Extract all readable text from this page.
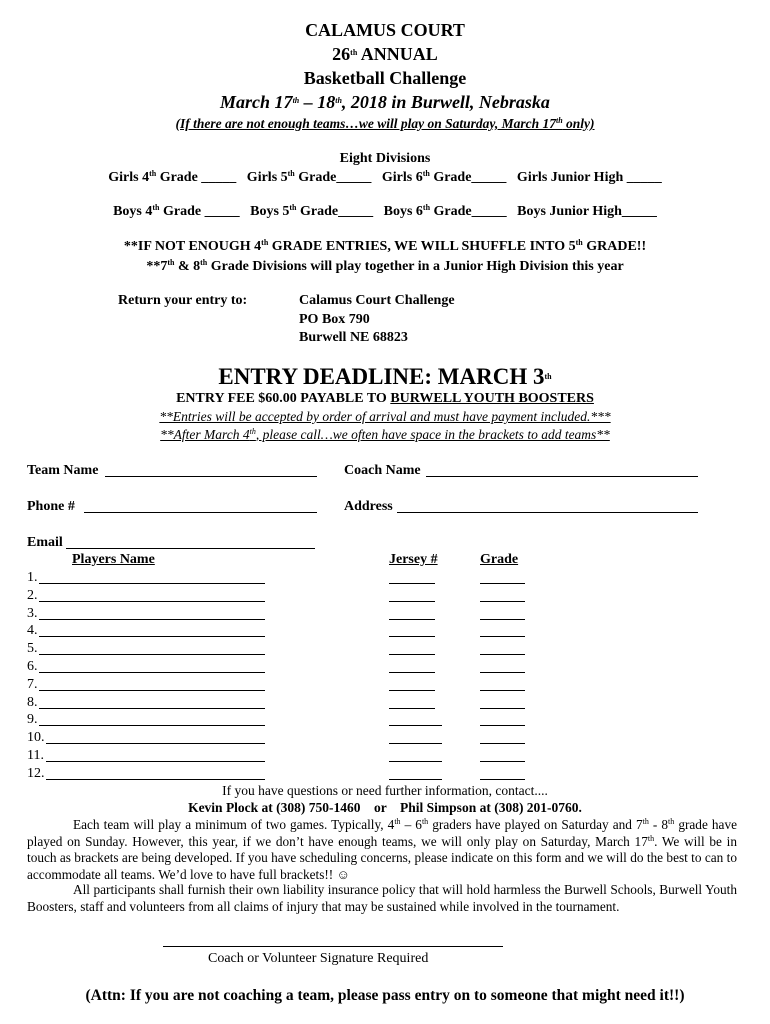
CALAMUS COURT
26th ANNUAL
Basketball Challenge
March 17th – 18th, 2018 in Burwell, Nebraska
(If there are not enough teams…we will play on Saturday, March 17th only)
Eight Divisions
Girls 4th Grade _____   Girls 5th Grade_____   Girls 6th Grade_____   Girls Junior High _____
Boys 4th Grade _____   Boys 5th Grade_____   Boys 6th Grade_____   Boys Junior High_____
**IF NOT ENOUGH 4th GRADE ENTRIES, WE WILL SHUFFLE INTO 5th GRADE!!
**7th & 8th Grade Divisions will play together in a Junior High Division this year
Return your entry to:	Calamus Court Challenge
PO Box 790
Burwell NE 68823
ENTRY DEADLINE: MARCH 3th
ENTRY FEE $60.00 PAYABLE TO BURWELL YOUTH BOOSTERS
**Entries will be accepted by order of arrival and must have payment included.***
**After March 4th, please call…we often have space in the brackets to add teams**
Team Name	Coach Name
Phone #	Address
Email
Players Name	Jersey #	Grade
1.
2.
3.
4.
5.
6.
7.
8.
9.
10.
11.
12.
If you have questions or need further information, contact....
Kevin Plock at (308) 750-1460    or    Phil Simpson at (308) 201-0760.
Each team will play a minimum of two games. Typically, 4th – 6th graders have played on Saturday and 7th - 8th grade have played on Sunday. However, this year, if we don’t have enough teams, we will only play on Saturday, March 17th. We will be in touch as brackets are being developed. If you have scheduling concerns, please indicate on this form and we will do the best to can to accommodate all teams. We’d love to have full brackets!! ☺
All participants shall furnish their own liability insurance policy that will hold harmless the Burwell Schools, Burwell Youth Boosters, staff and volunteers from all claims of injury that may be sustained while involved in the tournament.
Coach or Volunteer Signature Required
(Attn: If you are not coaching a team, please pass entry on to someone that might need it!!)
